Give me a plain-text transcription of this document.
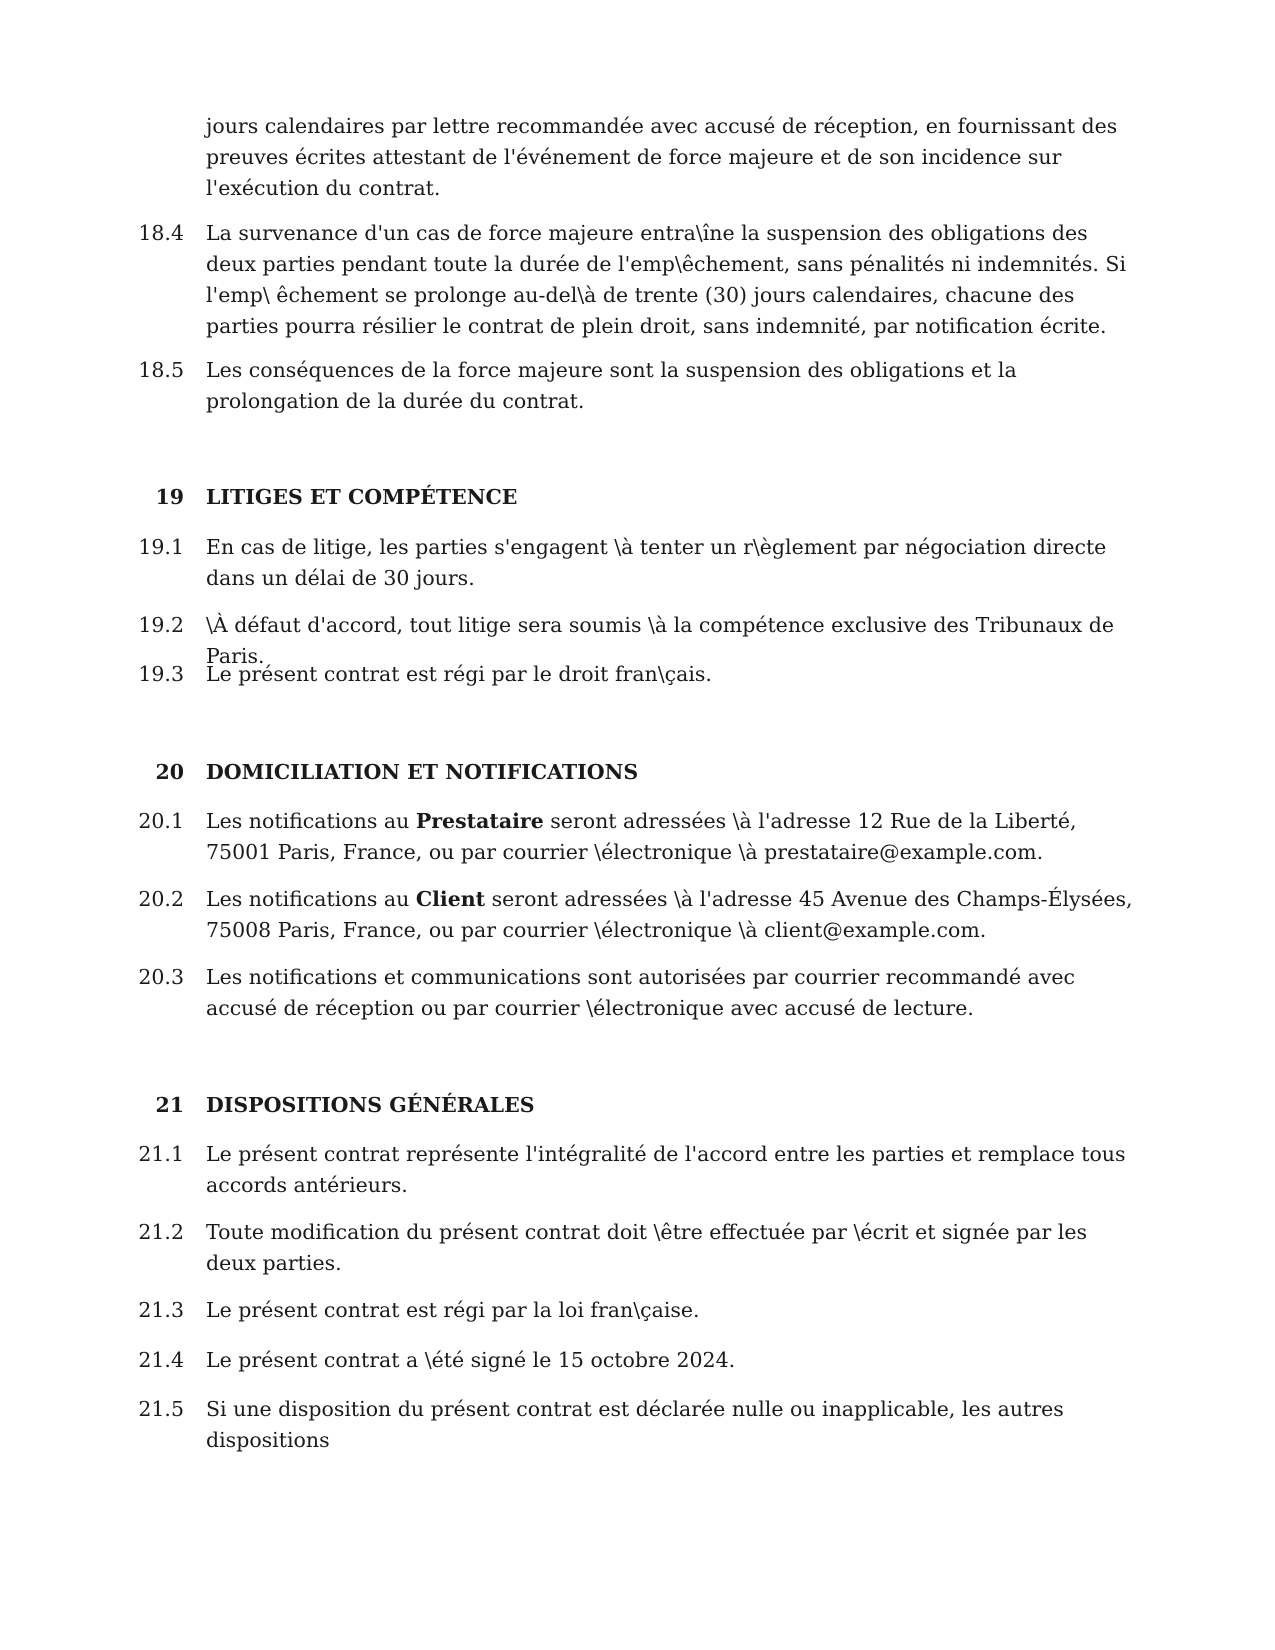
jours calendaires par lettre recommandée avec accusé de réception, en fournissant des preuves écrites attestant de l'événement de force majeure et de son incidence sur l'exécution du contrat.
18.4 La survenance d'un cas de force majeure entra\îne la suspension des obligations des deux parties pendant toute la durée de l'emp\êchement, sans pénalités ni indemnités. Si l'emp\ êchement se prolonge au-del\à de trente (30) jours calendaires, chacune des parties pourra résilier le contrat de plein droit, sans indemnité, par notification écrite.
18.5 Les conséquences de la force majeure sont la suspension des obligations et la prolongation de la durée du contrat.
19 LITIGES ET COMPÉTENCE
19.1 En cas de litige, les parties s'engagent \à tenter un r\èglement par négociation directe dans un délai de 30 jours.
19.2 \À défaut d'accord, tout litige sera soumis \à la compétence exclusive des Tribunaux de Paris.
19.3 Le présent contrat est régi par le droit fran\çais.
20 DOMICILIATION ET NOTIFICATIONS
20.1 Les notifications au Prestataire seront adressées \à l'adresse 12 Rue de la Liberté, 75001 Paris, France, ou par courrier \électronique \à prestataire@example.com.
20.2 Les notifications au Client seront adressées \à l'adresse 45 Avenue des Champs-Élysées, 75008 Paris, France, ou par courrier \électronique \à client@example.com.
20.3 Les notifications et communications sont autorisées par courrier recommandé avec accusé de réception ou par courrier \électronique avec accusé de lecture.
21 DISPOSITIONS GÉNÉRALES
21.1 Le présent contrat représente l'intégralité de l'accord entre les parties et remplace tous accords antérieurs.
21.2 Toute modification du présent contrat doit \être effectuée par \écrit et signée par les deux parties.
21.3 Le présent contrat est régi par la loi fran\çaise.
21.4 Le présent contrat a \été signé le 15 octobre 2024.
21.5 Si une disposition du présent contrat est déclarée nulle ou inapplicable, les autres dispositions
